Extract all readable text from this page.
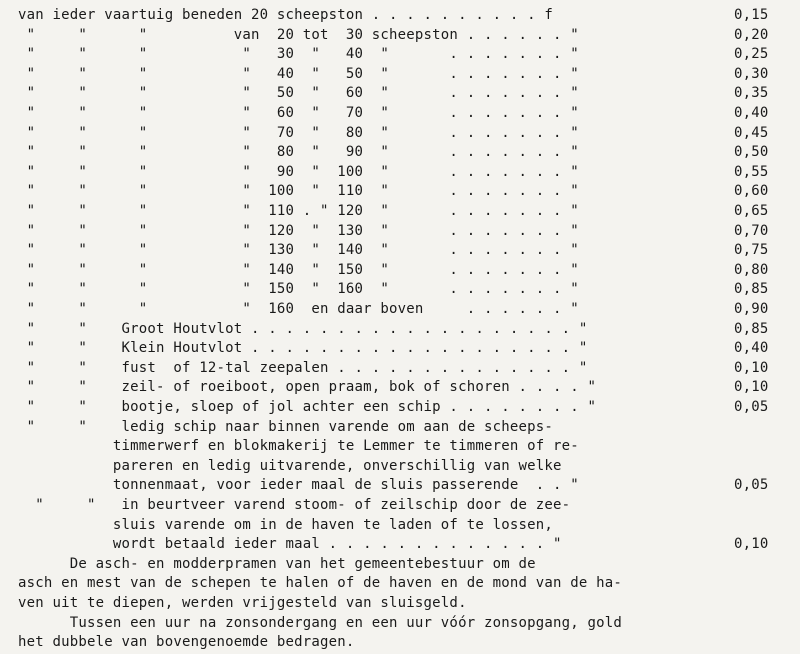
van ieder vaartuig beneden 20 scheepston . . . . . . . . . . f
"     "      "          van  20 tot  30 scheepston . . . . . . "
"     "      "           "   30  "   40  "       . . . . . . . "
"     "      "           "   40  "   50  "       . . . . . . . "
"     "      "           "   50  "   60  "       . . . . . . . "
"     "      "           "   60  "   70  "       . . . . . . . "
"     "      "           "   70  "   80  "       . . . . . . . "
"     "      "           "   80  "   90  "       . . . . . . . "
"     "      "           "   90  "  100  "       . . . . . . . "
"     "      "           "  100  "  110  "       . . . . . . . "
"     "      "           "  110 . " 120  "       . . . . . . . "
"     "      "           "  120  "  130  "       . . . . . . . "
"     "      "           "  130  "  140  "       . . . . . . . "
"     "      "           "  140  "  150  "       . . . . . . . "
"     "      "           "  150  "  160  "       . . . . . . . "
"     "      "           "  160  en daar boven     . . . . . . "
"     "    Groot Houtvlot . . . . . . . . . . . . . . . . . . . "
"     "    Klein Houtvlot . . . . . . . . . . . . . . . . . . . "
"     "    fust  of 12-tal zeepalen . . . . . . . . . . . . . . "
"     "    zeil- of roeiboot, open praam, bok of schoren . . . . "
"     "    bootje, sloep of jol achter een schip . . . . . . . . "
"     "    ledig schip naar binnen varende om aan de scheeps-
timmerwerf en blokmakerij te Lemmer te timmeren of re-
pareren en ledig uitvarende, onverschillig van welke
tonnenmaat, voor ieder maal de sluis passerende  . . "
"     "   in beurtveer varend stoom- of zeilschip door de zee-
sluis varende om in de haven te laden of te lossen,
wordt betaald ieder maal . . . . . . . . . . . . . "
De asch- en modderpramen van het gemeentebestuur om de
asch en mest van de schepen te halen of de haven en de mond van de ha-
ven uit te diepen, werden vrijgesteld van sluisgeld.
Tussen een uur na zonsondergang en een uur vóór zonsopgang, gold
het dubbele van bovengenoemde bedragen.
0,15
0,20
0,25
0,30
0,35
0,40
0,45
0,50
0,55
0,60
0,65
0,70
0,75
0,80
0,85
0,90
0,85
0,40
0,10
0,10
0,05
0,05
0,10
